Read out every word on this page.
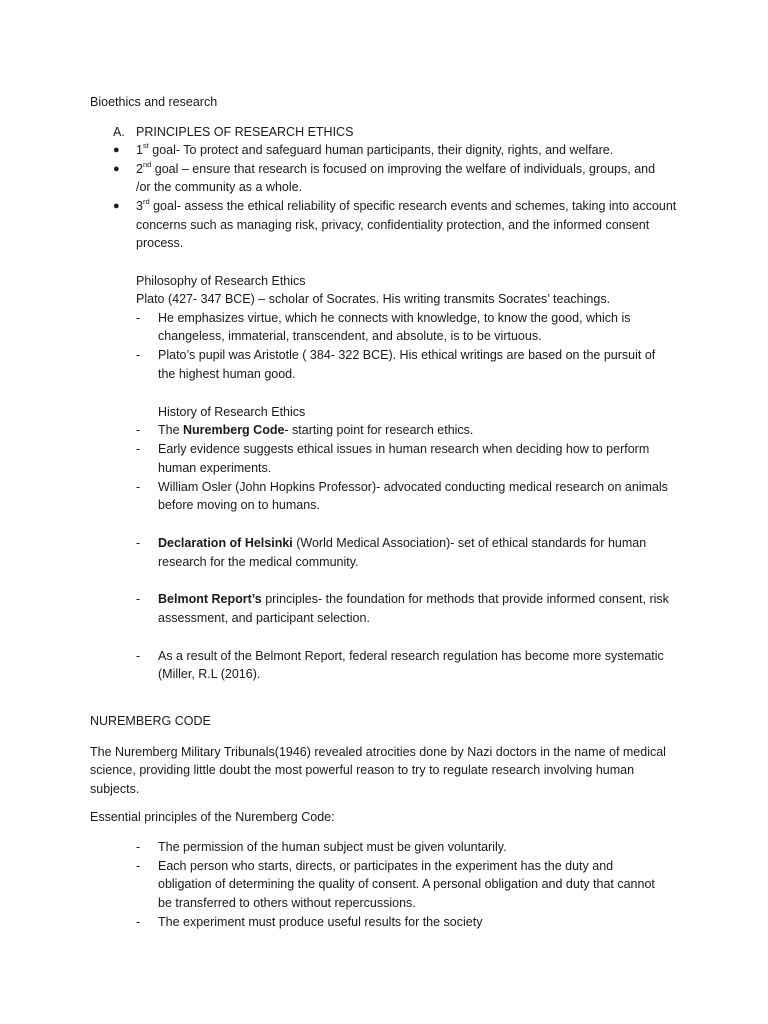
Bioethics and research
A. PRINCIPLES OF RESEARCH ETHICS
● 1st goal- To protect and safeguard human participants, their dignity, rights, and welfare.
● 2nd goal – ensure that research is focused on improving the welfare of individuals, groups, and
/or the community as a whole.
● 3rd goal- assess the ethical reliability of specific research events and schemes, taking into account
concerns such as managing risk, privacy, confidentiality protection, and the informed consent
process.
Philosophy of Research Ethics
Plato (427- 347 BCE) – scholar of Socrates. His writing transmits Socrates’ teachings.
- He emphasizes virtue, which he connects with knowledge, to know the good, which is
changeless, immaterial, transcendent, and absolute, is to be virtuous.
- Plato’s pupil was Aristotle ( 384- 322 BCE). His ethical writings are based on the pursuit of
the highest human good.
History of Research Ethics
- The Nuremberg Code- starting point for research ethics.
- Early evidence suggests ethical issues in human research when deciding how to perform
human experiments.
- William Osler (John Hopkins Professor)- advocated conducting medical research on animals
before moving on to humans.
- Declaration of Helsinki (World Medical Association)- set of ethical standards for human
research for the medical community.
- Belmont Report’s principles- the foundation for methods that provide informed consent, risk
assessment, and participant selection.
- As a result of the Belmont Report, federal research regulation has become more systematic
(Miller, R.L (2016).
NUREMBERG CODE
The Nuremberg Military Tribunals(1946) revealed atrocities done by Nazi doctors in the name of medical
science, providing little doubt the most powerful reason to try to regulate research involving human
subjects.
Essential principles of the Nuremberg Code:
- The permission of the human subject must be given voluntarily.
- Each person who starts, directs, or participates in the experiment has the duty and
obligation of determining the quality of consent. A personal obligation and duty that cannot
be transferred to others without repercussions.
- The experiment must produce useful results for the society
